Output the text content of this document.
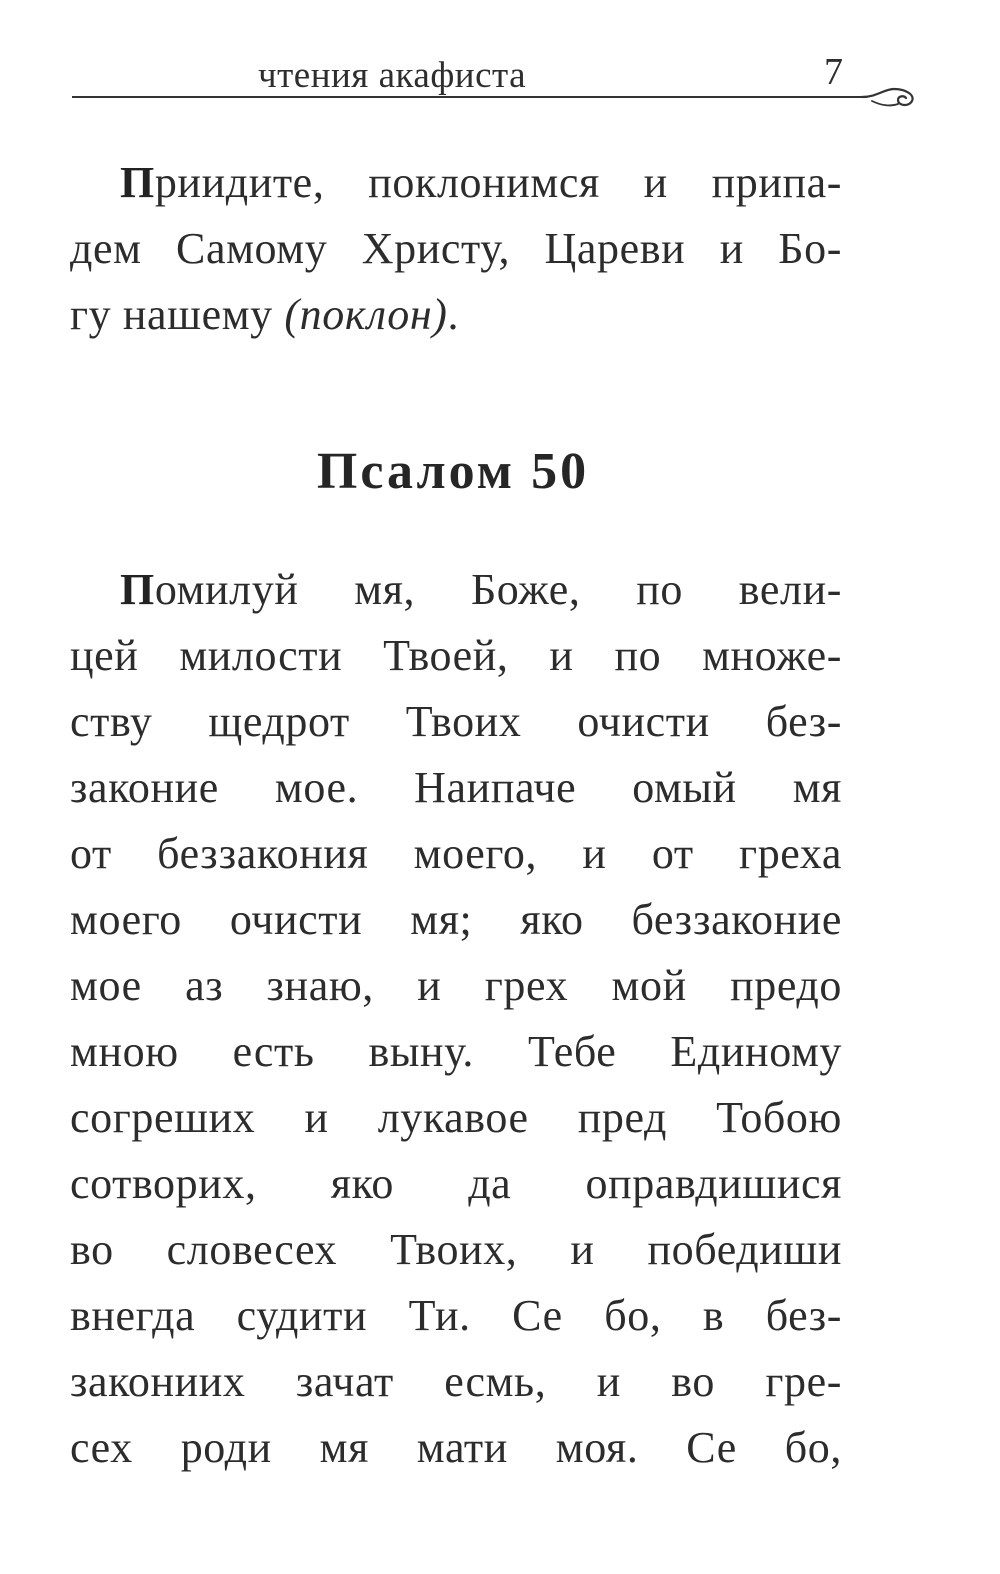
чтения акафиста	7
Приидите, поклонимся и припа-
дем Самому Христу, Цареви и Бо-
гу нашему (поклон).
Псалом 50
Помилуй мя, Боже, по вели-
цей милости Твоей, и по множе-
ству щедрот Твоих очисти без-
законие мое. Наипаче омый мя
от беззакония моего, и от греха
моего очисти мя; яко беззаконие
мое аз знаю, и грех мой предо
мною есть выну. Тебе Единому
согреших и лукавое пред Тобою
сотворих, яко да оправдишися
во словесех Твоих, и победиши
внегда судити Ти. Се бо, в без-
закониих зачат есмь, и во гре-
сех роди мя мати моя. Се бо,
